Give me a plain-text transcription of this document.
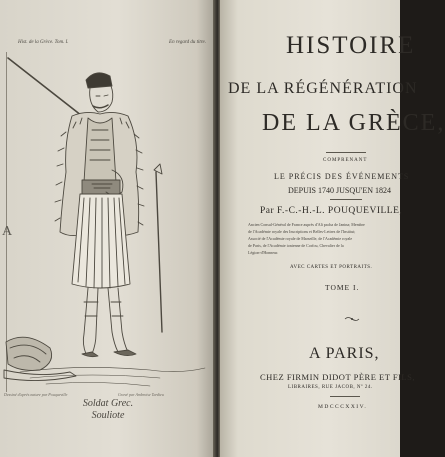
Hist. de la Grèce. Tom. I.	En regard du titre.
A
Dessiné d'après nature par Pouqueville	Gravé par Ambroise Tardieu
Soldat Grec.
Souliote
HISTOIRE
DE LA RÉGÉNÉRATION
DE LA GRÈCE,
COMPRENANT
LE PRÉCIS DES ÉVÉNEMENTS
DEPUIS 1740 JUSQU'EN 1824
Par F.-C.-H.-L. POUQUEVILLE,
Ancien Consul-Général de France auprès d'Ali pacha de Janina; Membre
de l'Académie royale des Inscriptions et Belles-Lettres de l'Institut;
Associé de l'Académie royale de Marseille, de l'Académie royale
de Paris, de l'Académie ionienne de Corfou, Chevalier de la
Légion-d'Honneur.
AVEC CARTES ET PORTRAITS.
TOME I.
A PARIS,
CHEZ FIRMIN DIDOT PÈRE ET FILS,
LIBRAIRES, RUE JACOB, Nº 24.
MDCCCXXIV.
